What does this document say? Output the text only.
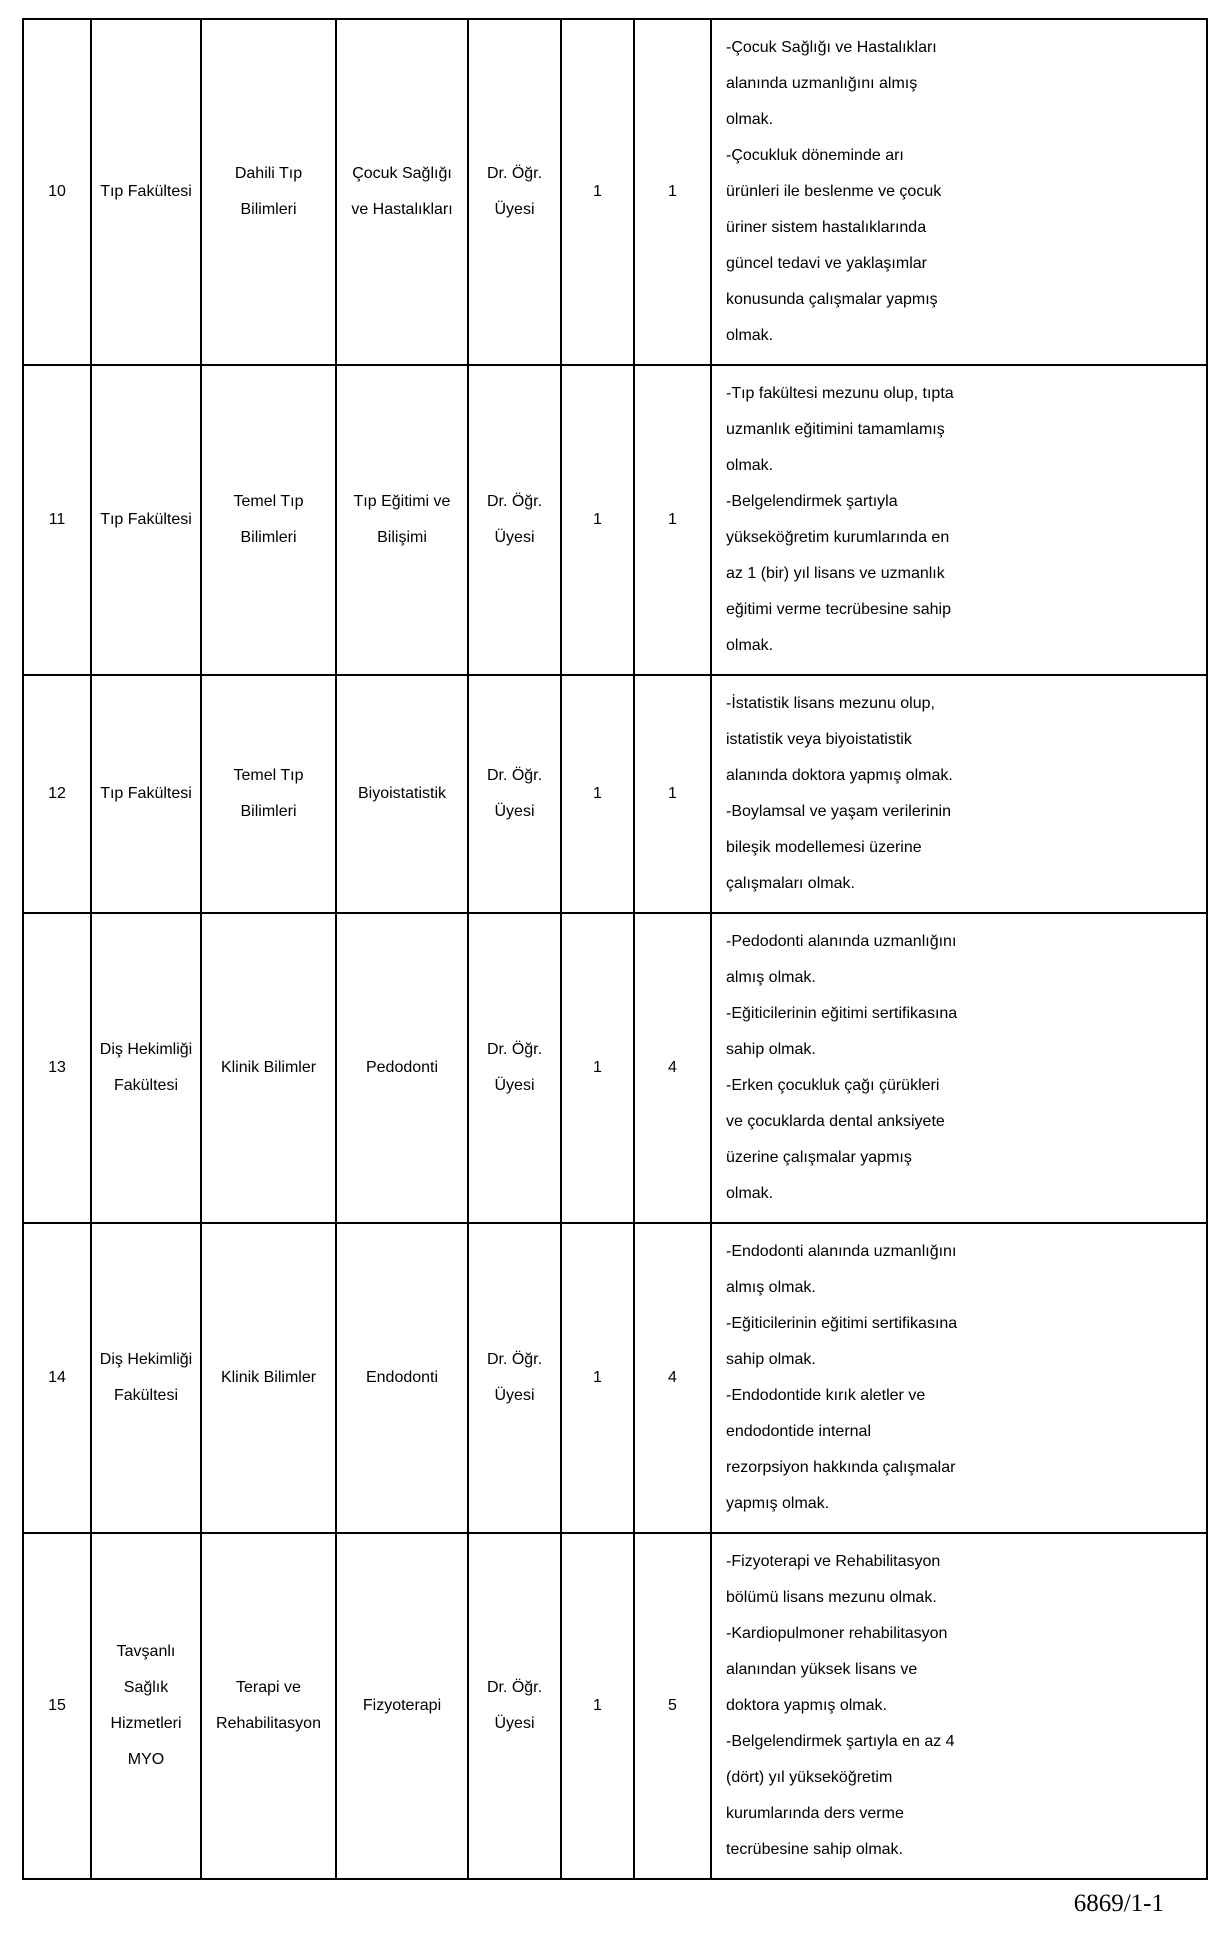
10	Tıp Fakültesi	Dahili Tıp Bilimleri	Çocuk Sağlığı ve Hastalıkları	Dr. Öğr. Üyesi	1	1	-Çocuk Sağlığı ve Hastalıkları alanında uzmanlığını almış olmak.
-Çocukluk döneminde arı ürünleri ile beslenme ve çocuk üriner sistem hastalıklarında güncel tedavi ve yaklaşımlar konusunda çalışmalar yapmış olmak.

11	Tıp Fakültesi	Temel Tıp Bilimleri	Tıp Eğitimi ve Bilişimi	Dr. Öğr. Üyesi	1	1	-Tıp fakültesi mezunu olup, tıpta uzmanlık eğitimini tamamlamış olmak.
-Belgelendirmek şartıyla yükseköğretim kurumlarında en az 1 (bir) yıl lisans ve uzmanlık eğitimi verme tecrübesine sahip olmak.

12	Tıp Fakültesi	Temel Tıp Bilimleri	Biyoistatistik	Dr. Öğr. Üyesi	1	1	-İstatistik lisans mezunu olup, istatistik veya biyoistatistik alanında doktora yapmış olmak.
-Boylamsal ve yaşam verilerinin bileşik modellemesi üzerine çalışmaları olmak.

13	Diş Hekimliği Fakültesi	Klinik Bilimler	Pedodonti	Dr. Öğr. Üyesi	1	4	-Pedodonti alanında uzmanlığını almış olmak.
-Eğiticilerinin eğitimi sertifikasına sahip olmak.
-Erken çocukluk çağı çürükleri ve çocuklarda dental anksiyete üzerine çalışmalar yapmış olmak.

14	Diş Hekimliği Fakültesi	Klinik Bilimler	Endodonti	Dr. Öğr. Üyesi	1	4	-Endodonti alanında uzmanlığını almış olmak.
-Eğiticilerinin eğitimi sertifikasına sahip olmak.
-Endodontide kırık aletler ve endodontide internal rezorpsiyon hakkında çalışmalar yapmış olmak.

15	Tavşanlı Sağlık Hizmetleri MYO	Terapi ve Rehabilitasyon	Fizyoterapi	Dr. Öğr. Üyesi	1	5	-Fizyoterapi ve Rehabilitasyon bölümü lisans mezunu olmak.
-Kardiopulmoner rehabilitasyon alanından yüksek lisans ve doktora yapmış olmak.
-Belgelendirmek şartıyla en az 4 (dört) yıl yükseköğretim kurumlarında ders verme tecrübesine sahip olmak.
6869/1-1
